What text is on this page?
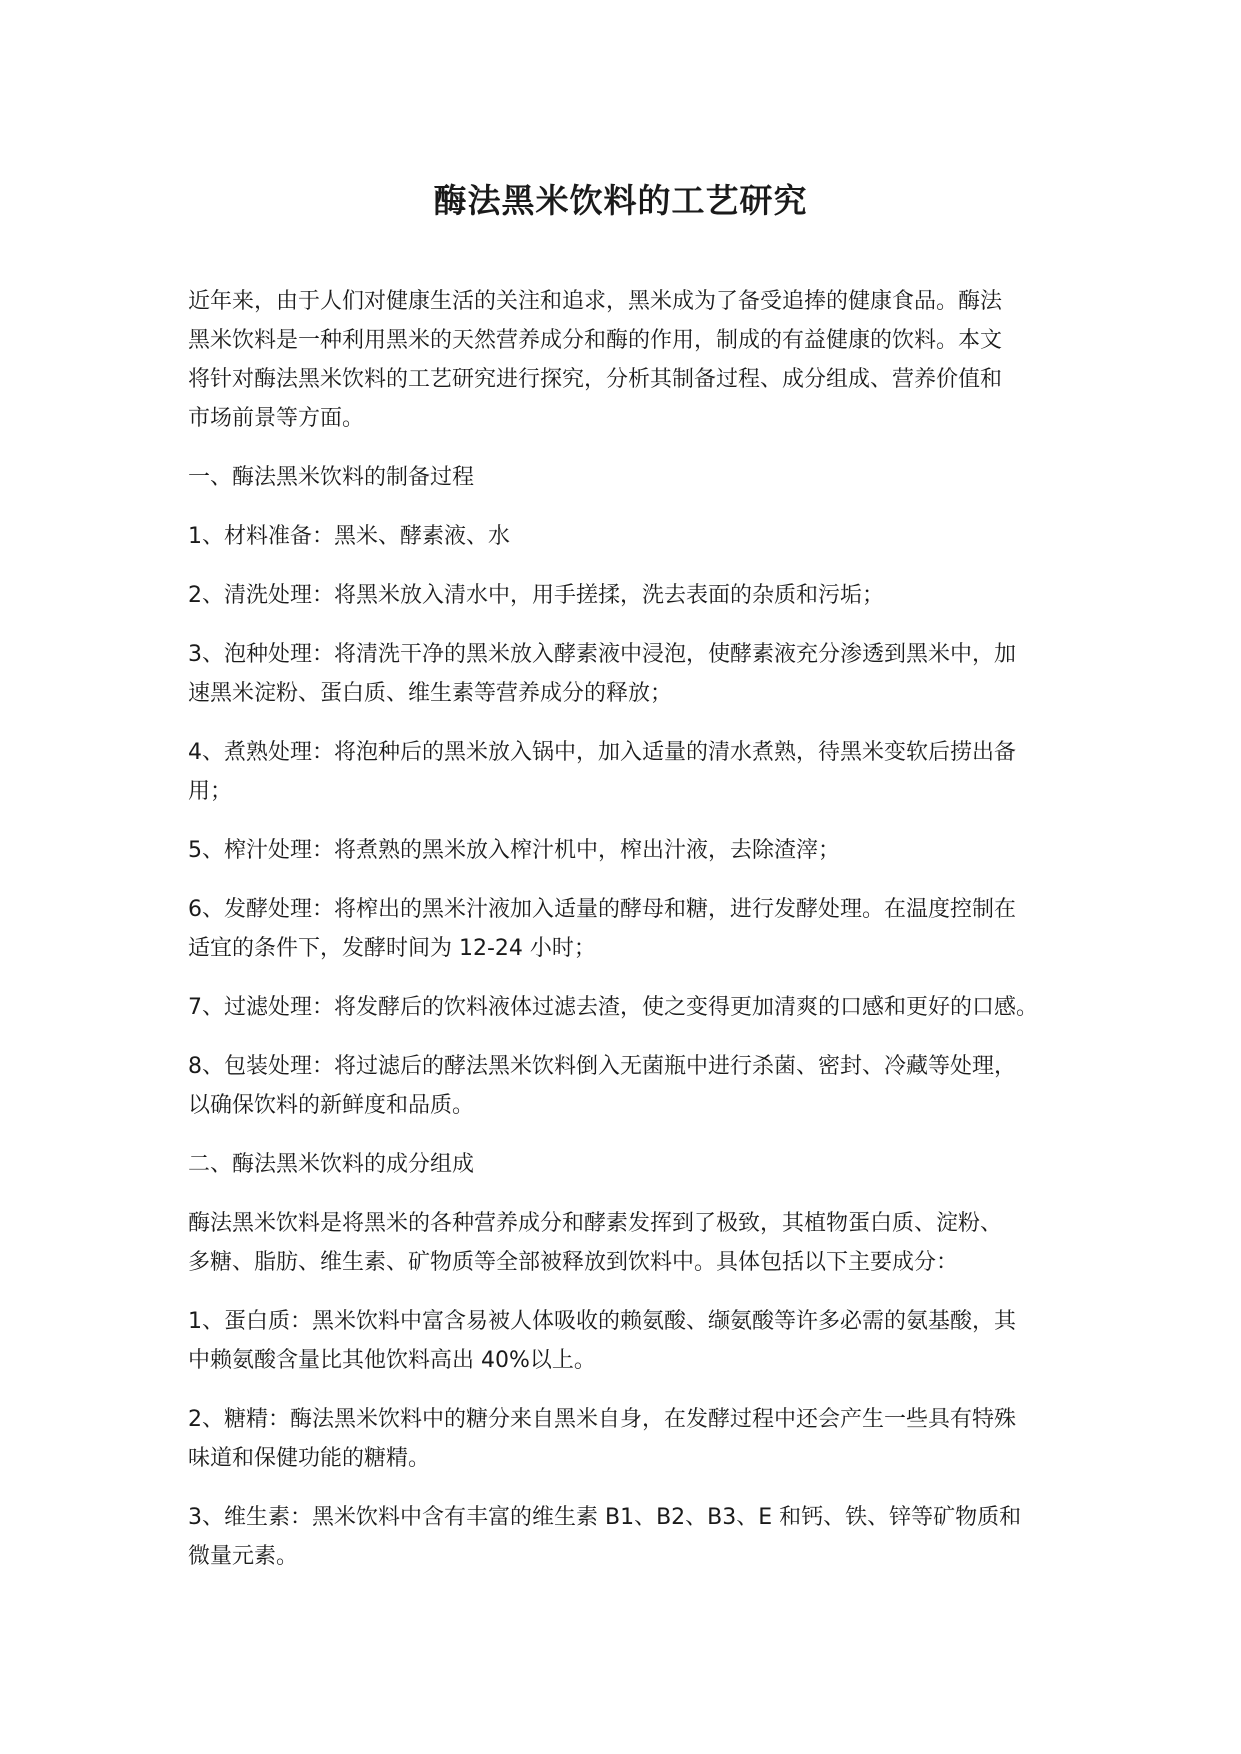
酶法黑米饮料的工艺研究

近年来，由于人们对健康生活的关注和追求，黑米成为了备受追捧的健康食品。酶法
黑米饮料是一种利用黑米的天然营养成分和酶的作用，制成的有益健康的饮料。本文
将针对酶法黑米饮料的工艺研究进行探究，分析其制备过程、成分组成、营养价值和
市场前景等方面。

一、酶法黑米饮料的制备过程

1、材料准备：黑米、酵素液、水

2、清洗处理：将黑米放入清水中，用手搓揉，洗去表面的杂质和污垢；

3、泡种处理：将清洗干净的黑米放入酵素液中浸泡，使酵素液充分渗透到黑米中，加
速黑米淀粉、蛋白质、维生素等营养成分的释放；

4、煮熟处理：将泡种后的黑米放入锅中，加入适量的清水煮熟，待黑米变软后捞出备
用；

5、榨汁处理：将煮熟的黑米放入榨汁机中，榨出汁液，去除渣滓；

6、发酵处理：将榨出的黑米汁液加入适量的酵母和糖，进行发酵处理。在温度控制在
适宜的条件下，发酵时间为 12-24 小时；

7、过滤处理：将发酵后的饮料液体过滤去渣，使之变得更加清爽的口感和更好的口感。

8、包装处理：将过滤后的酵法黑米饮料倒入无菌瓶中进行杀菌、密封、冷藏等处理，
以确保饮料的新鲜度和品质。

二、酶法黑米饮料的成分组成

酶法黑米饮料是将黑米的各种营养成分和酵素发挥到了极致，其植物蛋白质、淀粉、
多糖、脂肪、维生素、矿物质等全部被释放到饮料中。具体包括以下主要成分：

1、蛋白质：黑米饮料中富含易被人体吸收的赖氨酸、缬氨酸等许多必需的氨基酸，其
中赖氨酸含量比其他饮料高出 40%以上。

2、糖精：酶法黑米饮料中的糖分来自黑米自身，在发酵过程中还会产生一些具有特殊
味道和保健功能的糖精。

3、维生素：黑米饮料中含有丰富的维生素 B1、B2、B3、E 和钙、铁、锌等矿物质和
微量元素。
